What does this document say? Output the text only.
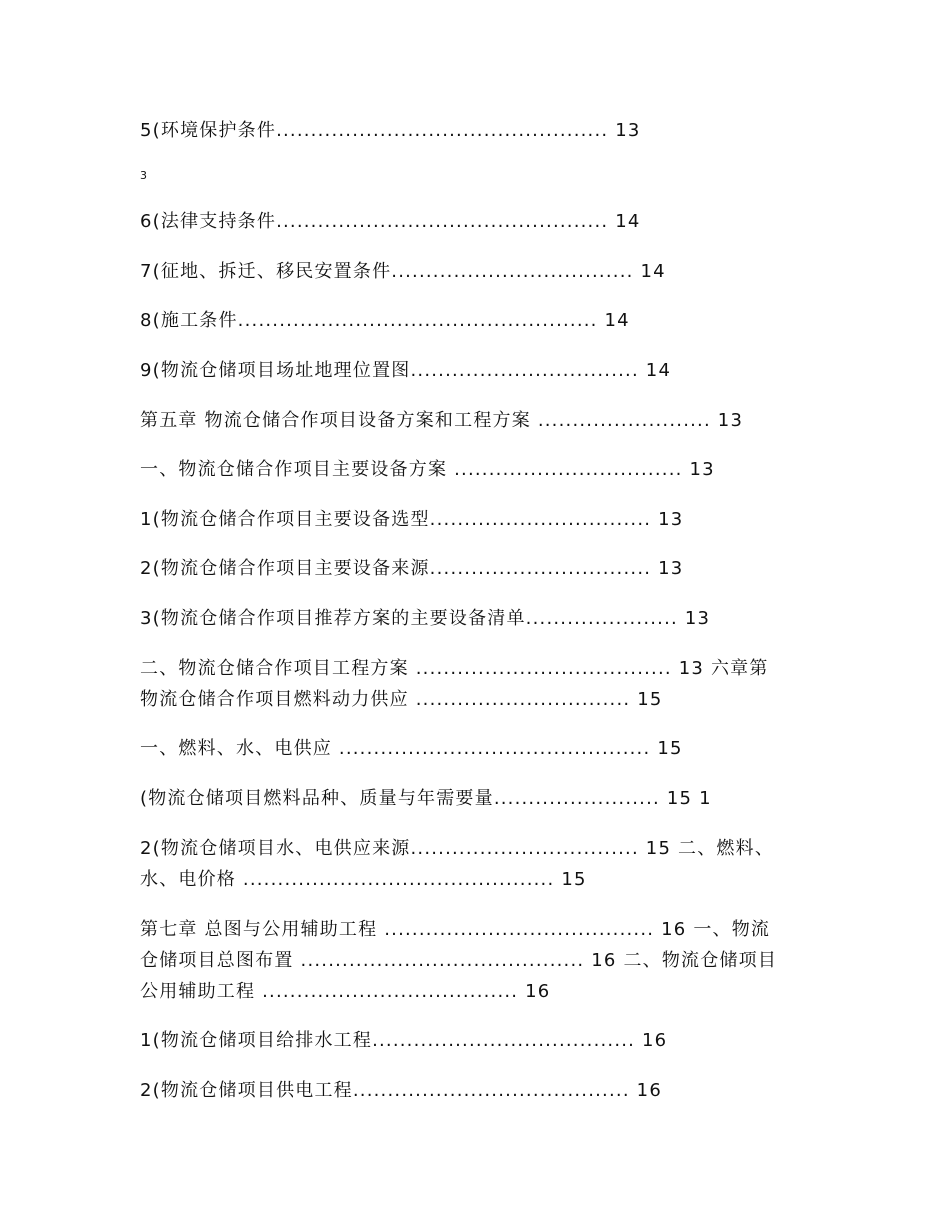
5(环境保护条件................................................ 13
3
6(法律支持条件................................................ 14
7(征地、拆迁、移民安置条件................................... 14
8(施工条件.................................................... 14
9(物流仓储项目场址地理位置图................................. 14
第五章 物流仓储合作项目设备方案和工程方案 ......................... 13
一、物流仓储合作项目主要设备方案 ................................. 13
1(物流仓储合作项目主要设备选型................................ 13
2(物流仓储合作项目主要设备来源................................ 13
3(物流仓储合作项目推荐方案的主要设备清单...................... 13
二、物流仓储合作项目工程方案 ..................................... 13 六章第
物流仓储合作项目燃料动力供应 ............................... 15
一、燃料、水、电供应 ............................................. 15
(物流仓储项目燃料品种、质量与年需要量........................ 15 1
2(物流仓储项目水、电供应来源................................. 15 二、燃料、
水、电价格 ............................................. 15
第七章 总图与公用辅助工程 ....................................... 16 一、物流
仓储项目总图布置 ......................................... 16 二、物流仓储项目
公用辅助工程 ..................................... 16
1(物流仓储项目给排水工程...................................... 16
2(物流仓储项目供电工程........................................ 16
